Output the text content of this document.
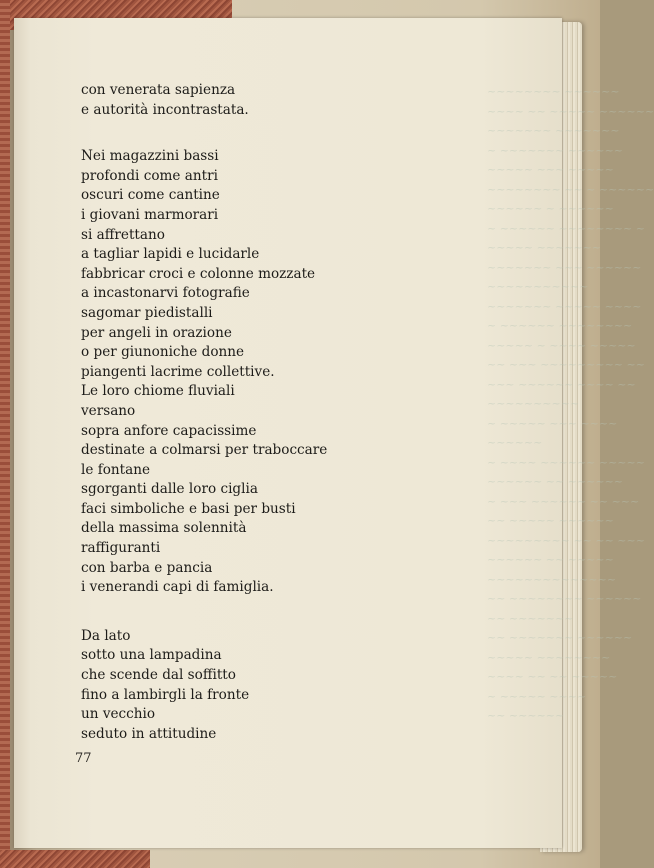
~~~~~~~~ ~~~~~~
~~~~ ~~ ~~~~~ ~~~~~~
~~~~~~~ ~~~~~~~
~ ~~~~~~~ ~~~~~~
~~~~~ ~~~ ~~~~~
~~~~~~~~ ~~ ~ ~~~~~~
~~~~~~ ~ ~~~~~~
~ ~~~~~~ ~~~~~~~~ ~
~~~~~ ~~~~~~~
~~~~~~~ ~~~ ~~~~~~
~~~~~~~~~~~
~~~~~~~ ~~~~~ ~~~~
~ ~~~~~~ ~~~~~~~~
~~~~~ ~ ~~~~ ~~~~~
~~ ~~~ ~~~~~~~~~ ~~
~~~ ~~~~~~ ~~~~ ~~
~~~~~~~~~~
~ ~~~~~ ~~~ ~~~~
~~~~~~
~ ~~~~ ~~~~~~ ~~~~~
~~~~~~ ~~ ~~~~~~
~ ~~~ ~~~~~~ ~~ ~~~
~~ ~~~~~ ~~~~~~
~~~~~~~~~ ~~ ~~ ~~~
~~~~~~ ~~ ~~~~~
~~~~~~~~~~~~~~
~~ ~~~~~~~~ ~~~~~~
~~ ~~~~~~~
~~ ~~~~~~~ ~~~~~~
~~~~~ ~~~~~~~~
~~~~ ~~ ~~ ~~~~~
~ ~~~~~ ~~~~
~~ ~~~~~~
con venerata sapienza
e autorità incontrastata.
Nei magazzini bassi
profondi come antri
oscuri come cantine
i giovani marmorari
si affrettano
a tagliar lapidi e lucidarle
fabbricar croci e colonne mozzate
a incastonarvi fotografie
sagomar piedistalli
per angeli in orazione
o per giunoniche donne
piangenti lacrime collettive.
Le loro chiome fluviali
versano
sopra anfore capacissime
destinate a colmarsi per traboccare
le fontane
sgorganti dalle loro ciglia
faci simboliche e basi per busti
della massima solennità
raffiguranti
con barba e pancia
i venerandi capi di famiglia.
Da lato
sotto una lampadina
che scende dal soffitto
fino a lambirgli la fronte
un vecchio
seduto in attitudine
77
